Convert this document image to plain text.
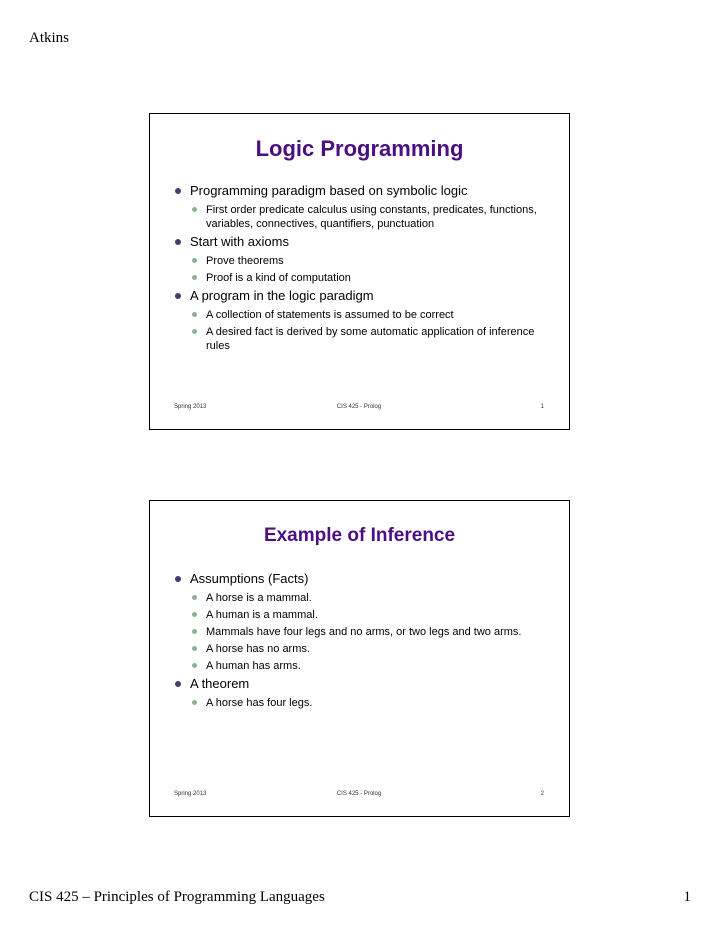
Atkins
Logic Programming
Programming paradigm based on symbolic logic
First order predicate calculus using constants, predicates, functions, variables, connectives, quantifiers, punctuation
Start with axioms
Prove theorems
Proof is a kind of computation
A program in the logic paradigm
A collection of statements is assumed to be correct
A desired fact is derived by some automatic application of inference rules
Spring 2013	CIS 425 - Prolog	1
Example of Inference
Assumptions (Facts)
A horse is a mammal.
A human is a mammal.
Mammals have four legs and no arms, or two legs and two arms.
A horse has no arms.
A human has arms.
A theorem
A horse has four legs.
Spring 2013	CIS 425 - Prolog	2
CIS 425 – Principles of Programming Languages	1
